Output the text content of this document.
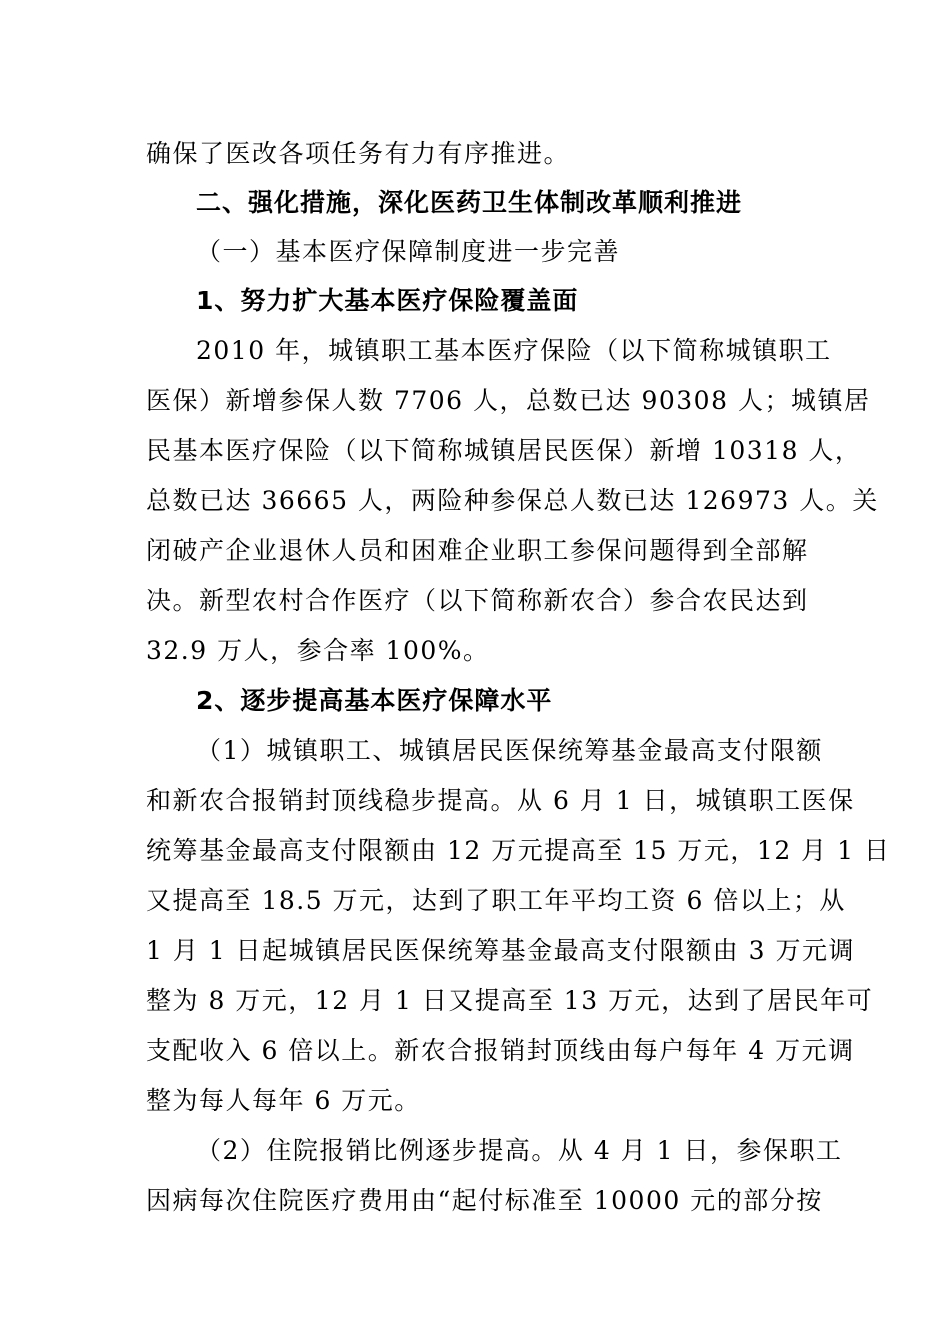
确保了医改各项任务有力有序推进。
二、强化措施，深化医药卫生体制改革顺利推进
（一）基本医疗保障制度进一步完善
1、努力扩大基本医疗保险覆盖面
2010 年，城镇职工基本医疗保险（以下简称城镇职工
医保）新增参保人数 7706 人，总数已达 90308 人；城镇居
民基本医疗保险（以下简称城镇居民医保）新增 10318 人，
总数已达 36665 人，两险种参保总人数已达 126973 人。关
闭破产企业退休人员和困难企业职工参保问题得到全部解
决。新型农村合作医疗（以下简称新农合）参合农民达到
32.9 万人，参合率 100%。
2、逐步提高基本医疗保障水平
（1）城镇职工、城镇居民医保统筹基金最高支付限额
和新农合报销封顶线稳步提高。从 6 月 1 日，城镇职工医保
统筹基金最高支付限额由 12 万元提高至 15 万元，12 月 1 日
又提高至 18.5 万元，达到了职工年平均工资 6 倍以上；从
1 月 1 日起城镇居民医保统筹基金最高支付限额由 3 万元调
整为 8 万元，12 月 1 日又提高至 13 万元，达到了居民年可
支配收入 6 倍以上。新农合报销封顶线由每户每年 4 万元调
整为每人每年 6 万元。
（2）住院报销比例逐步提高。从 4 月 1 日，参保职工
因病每次住院医疗费用由“起付标准至 10000 元的部分按
